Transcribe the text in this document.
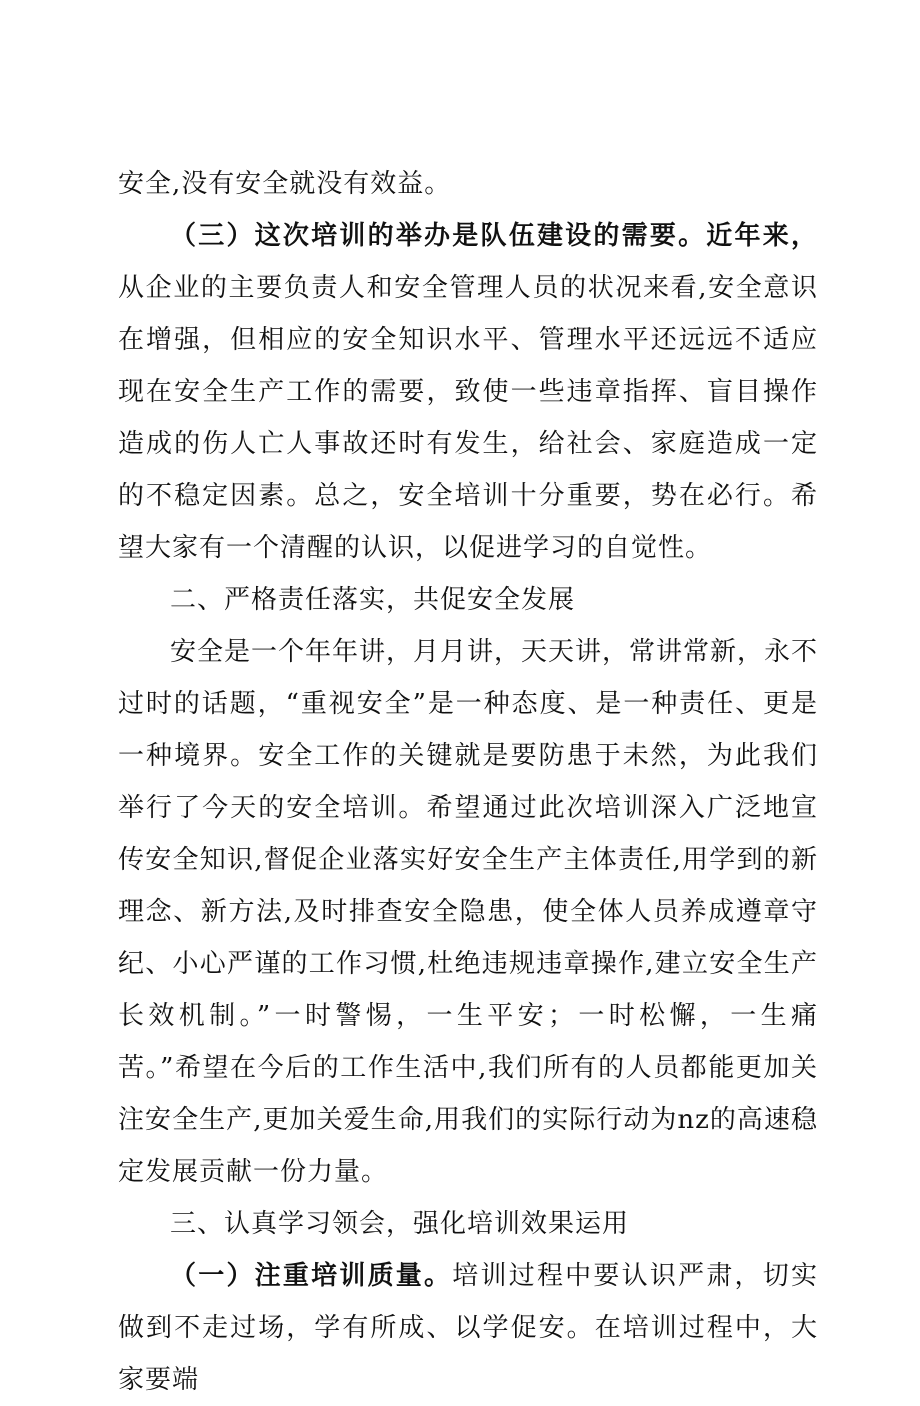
安全,没有安全就没有效益。

（三）这次培训的举办是队伍建设的需要。近年来，从企业的主要负责人和安全管理人员的状况来看,安全意识在增强，但相应的安全知识水平、管理水平还远远不适应现在安全生产工作的需要，致使一些违章指挥、盲目操作造成的伤人亡人事故还时有发生，给社会、家庭造成一定的不稳定因素。总之，安全培训十分重要，势在必行。希望大家有一个清醒的认识，以促进学习的自觉性。

二、严格责任落实，共促安全发展

安全是一个年年讲，月月讲，天天讲，常讲常新，永不过时的话题，“重视安全”是一种态度、是一种责任、更是一种境界。安全工作的关键就是要防患于未然，为此我们举行了今天的安全培训。希望通过此次培训深入广泛地宣传安全知识,督促企业落实好安全生产主体责任,用学到的新理念、新方法,及时排查安全隐患，使全体人员养成遵章守纪、小心严谨的工作习惯,杜绝违规违章操作,建立安全生产长效机制。”一时警惕，一生平安；一时松懈，一生痛苦。”希望在今后的工作生活中,我们所有的人员都能更加关注安全生产,更加关爱生命,用我们的实际行动为nz的高速稳定发展贡献一份力量。

三、认真学习领会，强化培训效果运用

（一）注重培训质量。培训过程中要认识严肃，切实做到不走过场，学有所成、以学促安。在培训过程中，大家要端
